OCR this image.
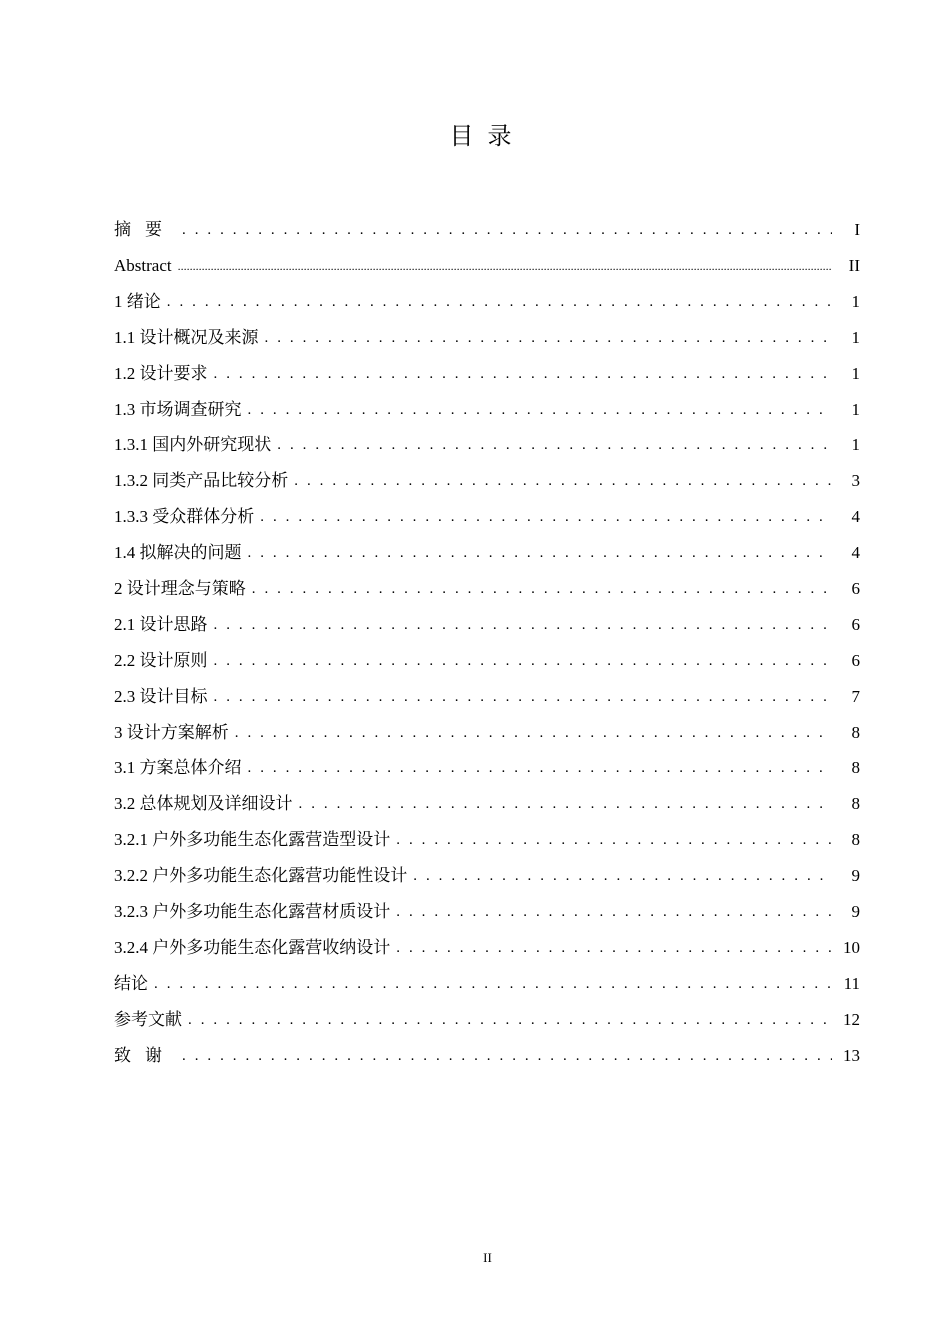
目录
摘要 . . .	I
Abstract .....	II
1 绪论 . . .	1
1.1 设计概况及来源 . . .	1
1.2 设计要求 . . .	1
1.3 市场调查研究 . . .	1
1.3.1 国内外研究现状 . . .	1
1.3.2 同类产品比较分析 . . .	3
1.3.3 受众群体分析 . . .	4
1.4 拟解决的问题 . . .	4
2 设计理念与策略 . . .	6
2.1 设计思路 . . .	6
2.2 设计原则 . . .	6
2.3 设计目标 . . .	7
3 设计方案解析 . . .	8
3.1 方案总体介绍 . . .	8
3.2 总体规划及详细设计 . . .	8
3.2.1 户外多功能生态化露营造型设计 . . .	8
3.2.2 户外多功能生态化露营功能性设计 . . .	9
3.2.3 户外多功能生态化露营材质设计 . . .	9
3.2.4 户外多功能生态化露营收纳设计 . . .	10
结论 . . .	11
参考文献 . . .	12
致谢 . . .	13
II
